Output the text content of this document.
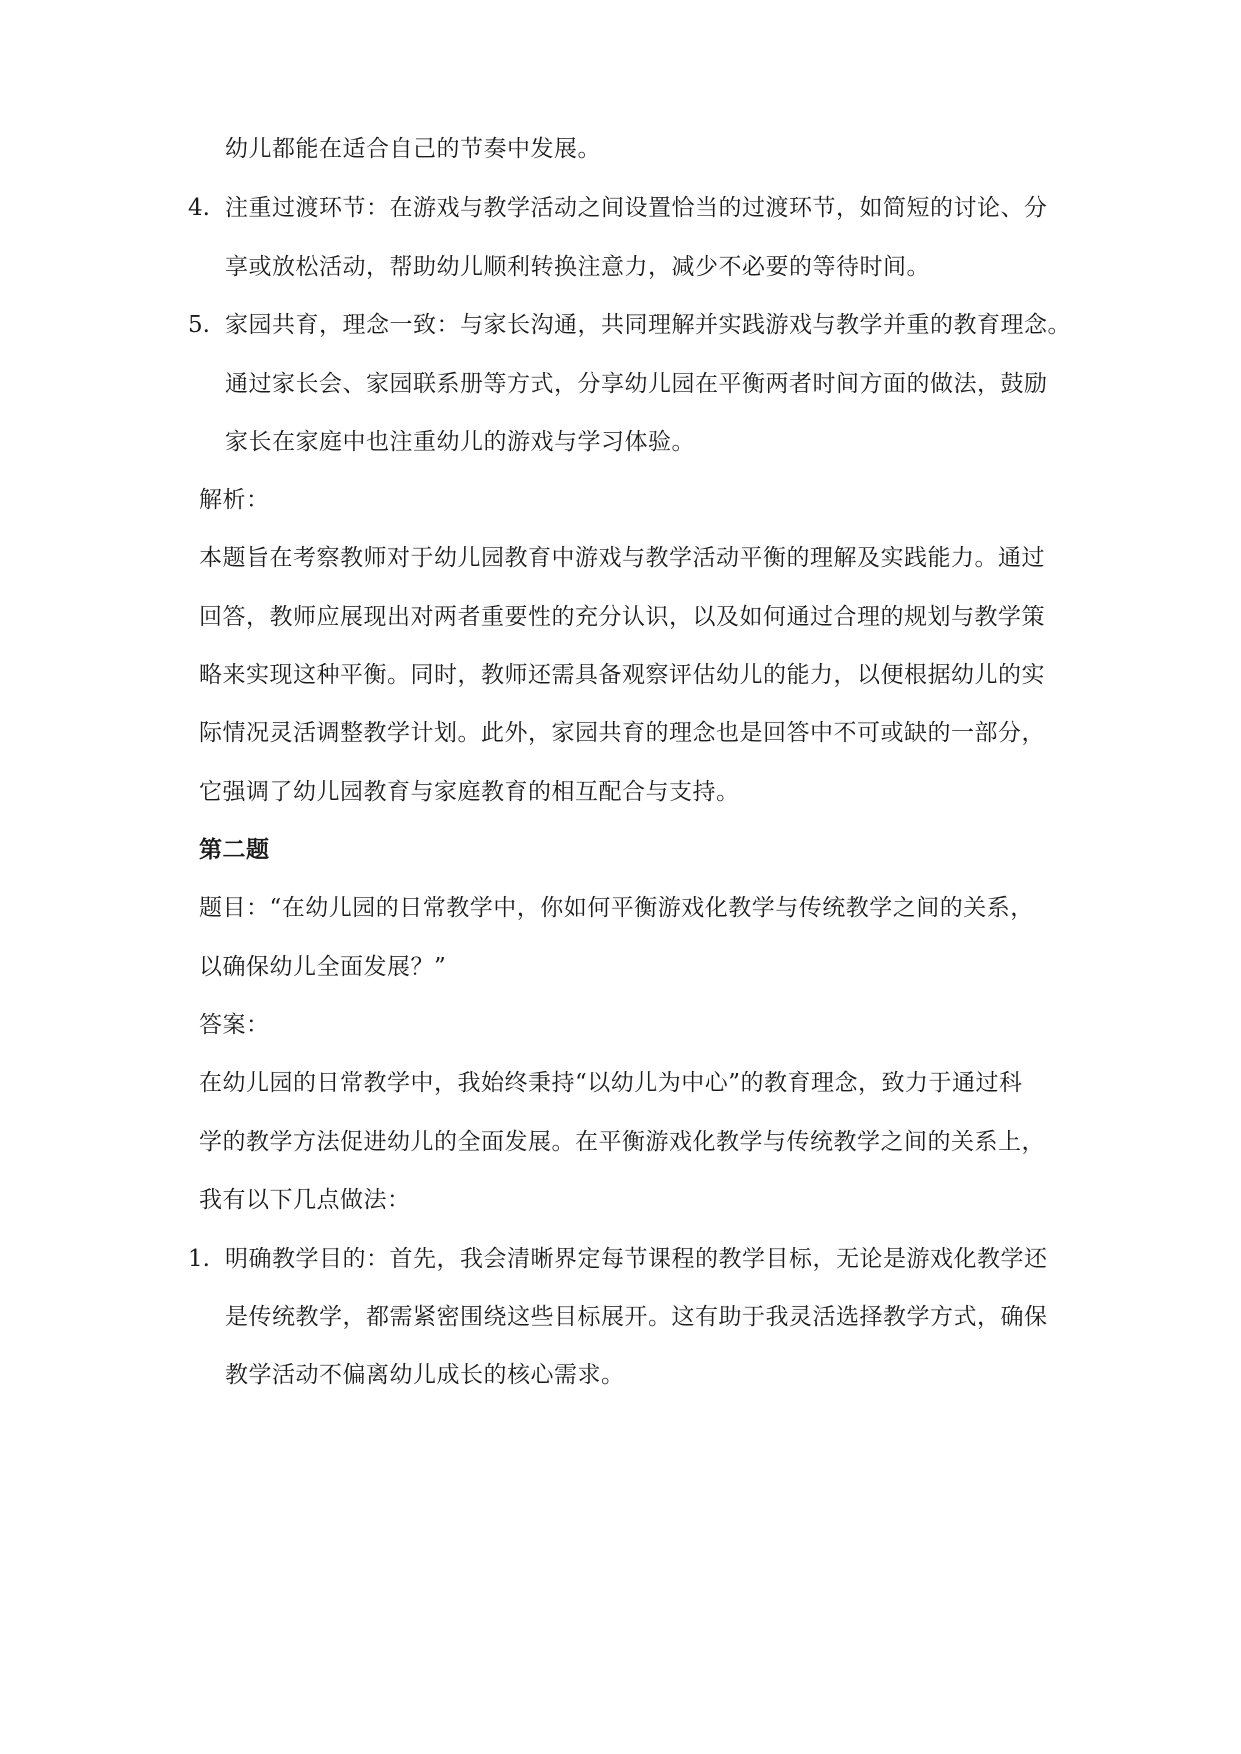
幼儿都能在适合自己的节奏中发展。
4. 注重过渡环节：在游戏与教学活动之间设置恰当的过渡环节，如简短的讨论、分
享或放松活动，帮助幼儿顺利转换注意力，减少不必要的等待时间。
5. 家园共育，理念一致：与家长沟通，共同理解并实践游戏与教学并重的教育理念。
通过家长会、家园联系册等方式，分享幼儿园在平衡两者时间方面的做法，鼓励
家长在家庭中也注重幼儿的游戏与学习体验。
解析：
本题旨在考察教师对于幼儿园教育中游戏与教学活动平衡的理解及实践能力。通过
回答，教师应展现出对两者重要性的充分认识，以及如何通过合理的规划与教学策
略来实现这种平衡。同时，教师还需具备观察评估幼儿的能力，以便根据幼儿的实
际情况灵活调整教学计划。此外，家园共育的理念也是回答中不可或缺的一部分，
它强调了幼儿园教育与家庭教育的相互配合与支持。
第二题
题目：“在幼儿园的日常教学中，你如何平衡游戏化教学与传统教学之间的关系，
以确保幼儿全面发展？”
答案：
在幼儿园的日常教学中，我始终秉持“以幼儿为中心”的教育理念，致力于通过科
学的教学方法促进幼儿的全面发展。在平衡游戏化教学与传统教学之间的关系上，
我有以下几点做法：
1. 明确教学目的：首先，我会清晰界定每节课程的教学目标，无论是游戏化教学还
是传统教学，都需紧密围绕这些目标展开。这有助于我灵活选择教学方式，确保
教学活动不偏离幼儿成长的核心需求。
